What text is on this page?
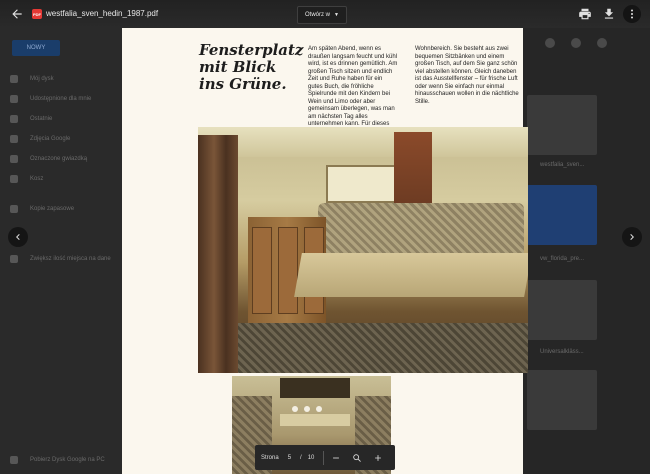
NOWY
Mój dysk
Udostępnione dla mnie
Ostatnie
Zdjęcia Google
Oznaczone gwiazdką
Kosz
Kopie zapasowe
Zwiększ ilość miejsca na dane
Pobierz Dysk Google na PC
westfalia_sven...
vw_florida_pre...
Universalkläss...
Fensterplatz
mit Blick
ins Grüne.
Am späten Abend, wenn es draußen langsam feucht und kühl wird, ist es drinnen gemütlich. Am großen Tisch sitzen und endlich Zeit und Ruhe haben für ein gutes Buch, die fröhliche Spielrunde mit den Kindern bei Wein und Limo oder aber gemeinsam überlegen, was man am nächsten Tag alles unternehmen kann. Für dieses
Wohnbereich. Sie besteht aus zwei bequemen Sitzbänken und einem großen Tisch, auf dem Sie ganz schön viel abstellen können. Gleich daneben ist das Ausstellfenster – für frische Luft oder wenn Sie einfach nur einmal hinausschauen wollen in die nächtliche Stille.
PDF westfalia_sven_hedin_1987.pdf	Otwórz w ▼
Strona 5 / 10
